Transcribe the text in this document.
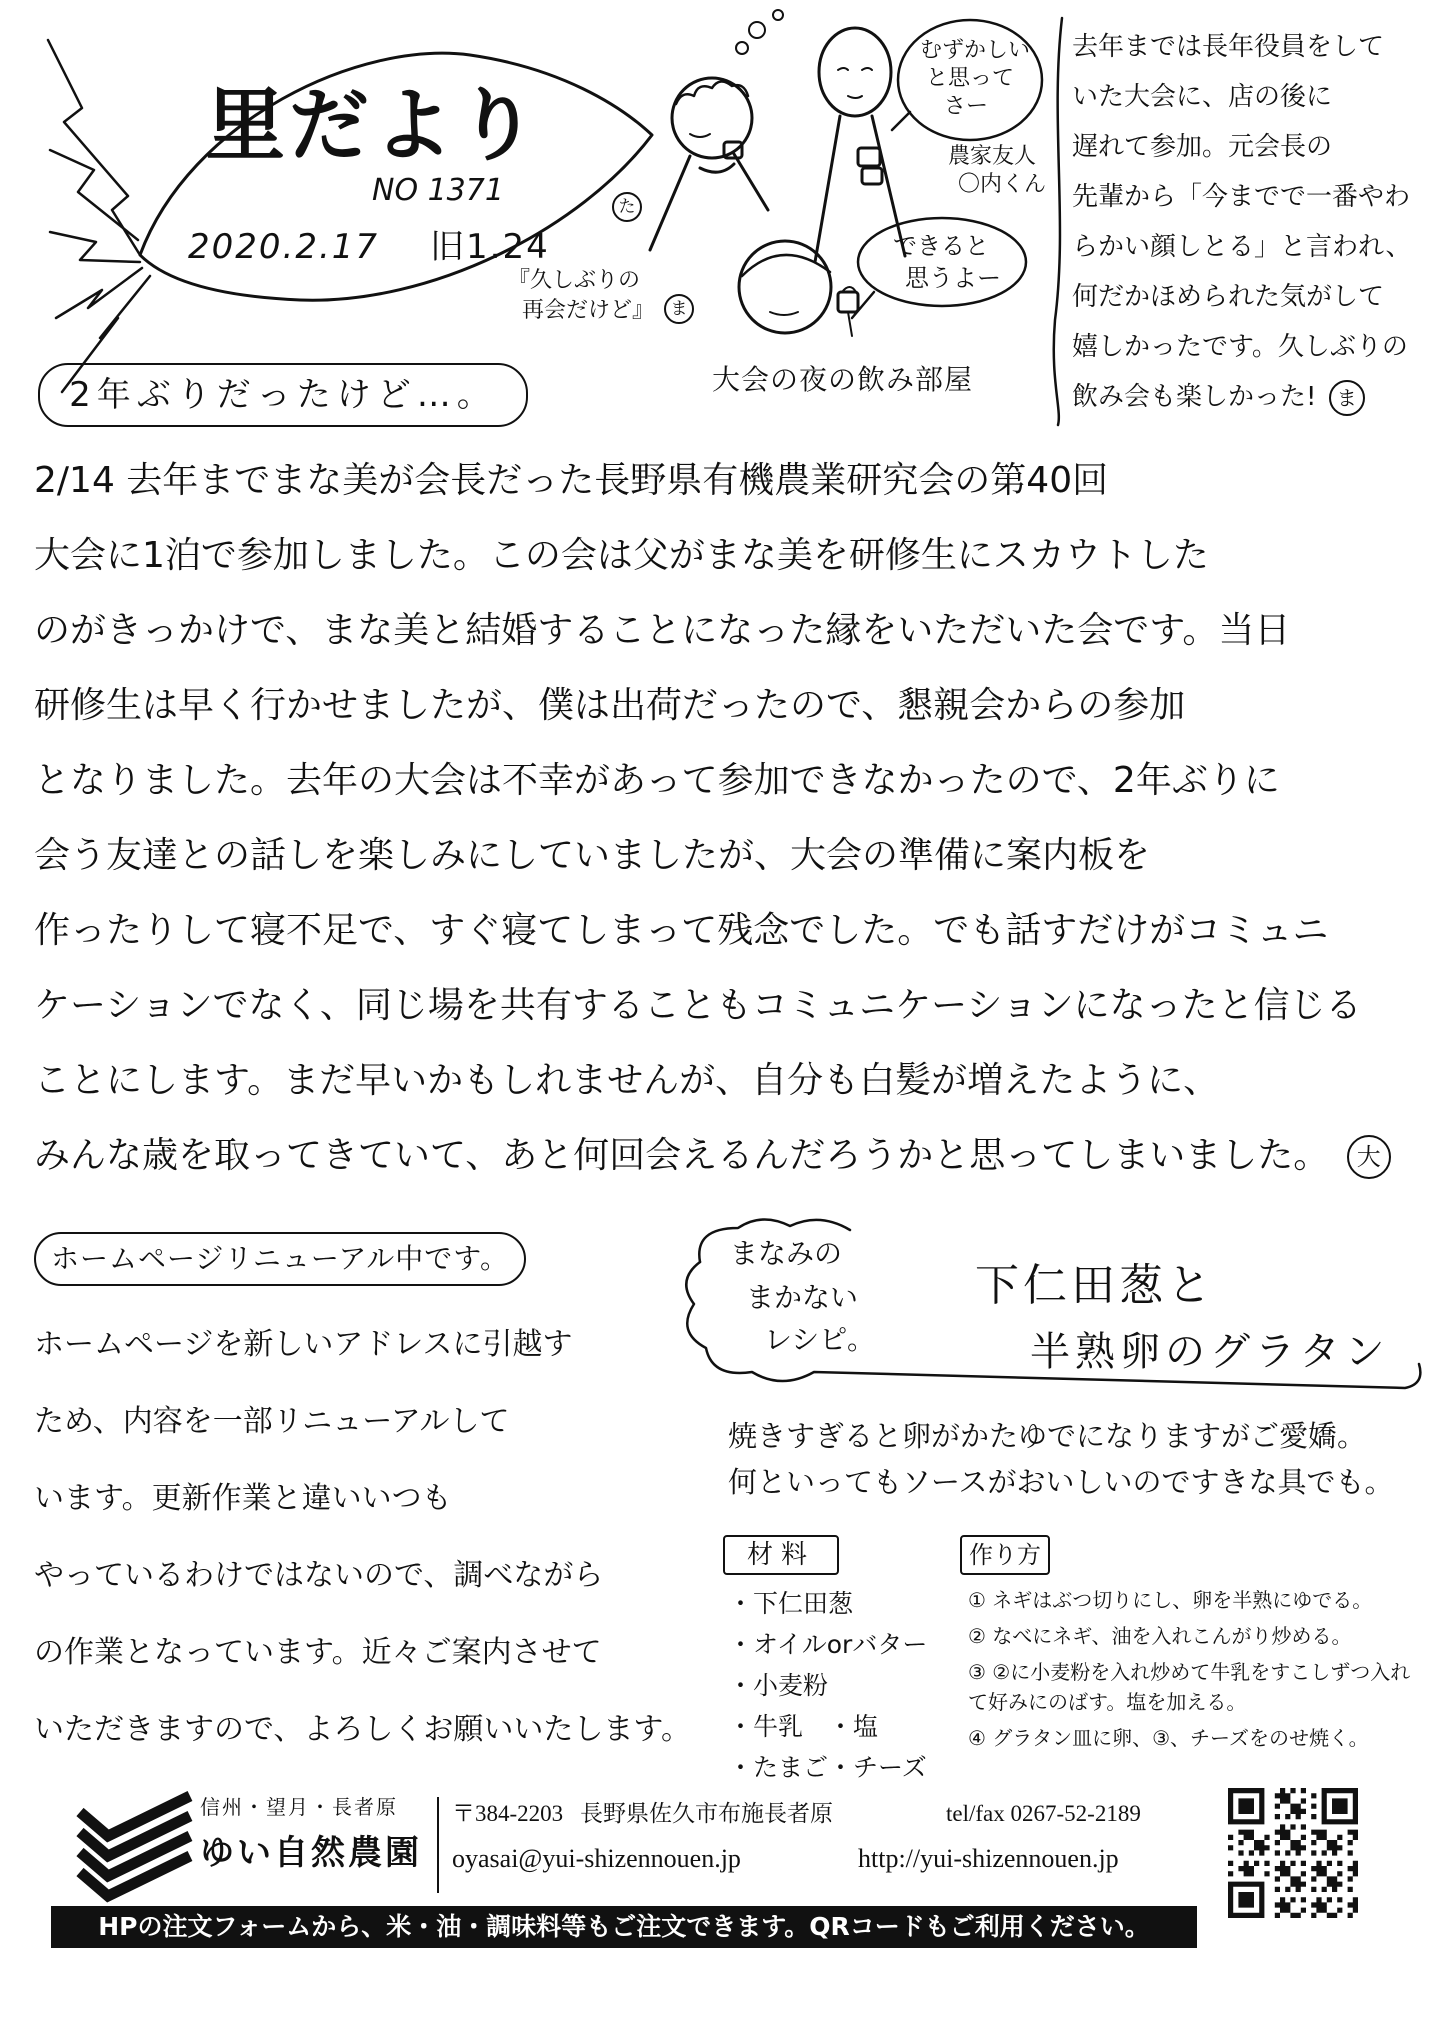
里だより
NO 1371
2020.2.17 旧1.24
むずかしい
と思って
さー
農家友人
〇内くん
できると
思うよー
『久しぶりの
再会だけど』 ま
た
大会の夜の飲み部屋
去年までは長年役員をして
いた大会に、店の後に
遅れて参加。元会長の
先輩から「今までで一番やわ
らかい顔しとる」と言われ、
何だかほめられた気がして
嬉しかったです。久しぶりの
飲み会も楽しかった! ま
2年ぶりだったけど…。
2/14 去年までまな美が会長だった長野県有機農業研究会の第40回
大会に1泊で参加しました。この会は父がまな美を研修生にスカウトした
のがきっかけで、まな美と結婚することになった縁をいただいた会です。当日
研修生は早く行かせましたが、僕は出荷だったので、懇親会からの参加
となりました。去年の大会は不幸があって参加できなかったので、2年ぶりに
会う友達との話しを楽しみにしていましたが、大会の準備に案内板を
作ったりして寝不足で、すぐ寝てしまって残念でした。でも話すだけがコミュニ
ケーションでなく、同じ場を共有することもコミュニケーションになったと信じる
ことにします。まだ早いかもしれませんが、自分も白髪が増えたように、
みんな歳を取ってきていて、あと何回会えるんだろうかと思ってしまいました。 大
ホームページリニューアル中です。
ホームページを新しいアドレスに引越す
ため、内容を一部リニューアルして
います。更新作業と違いいつも
やっているわけではないので、調べながら
の作業となっています。近々ご案内させて
いただきますので、よろしくお願いいたします。
まなみの
まかない
レシピ。
下仁田葱と
半熟卵のグラタン
焼きすぎると卵がかたゆでになりますがご愛嬌。
何といってもソースがおいしいのですきな具でも。
材料	作り方
・下仁田葱
・オイルorバター
・小麦粉
・牛乳　・塩
・たまご・チーズ
① ネギはぶつ切りにし、卵を半熟にゆでる。
② なべにネギ、油を入れこんがり炒める。
③ ②に小麦粉を入れ炒めて牛乳をすこしずつ入れて好みにのばす。塩を加える。
④ グラタン皿に卵、③、チーズをのせ焼く。
信州・望月・長者原
ゆい自然農園
〒384-2203 長野県佐久市布施長者原	tel/fax 0267-52-2189
oyasai@yui-shizennouen.jp	http://yui-shizennouen.jp
HPの注文フォームから、米・油・調味料等もご注文できます。QRコードもご利用ください。
